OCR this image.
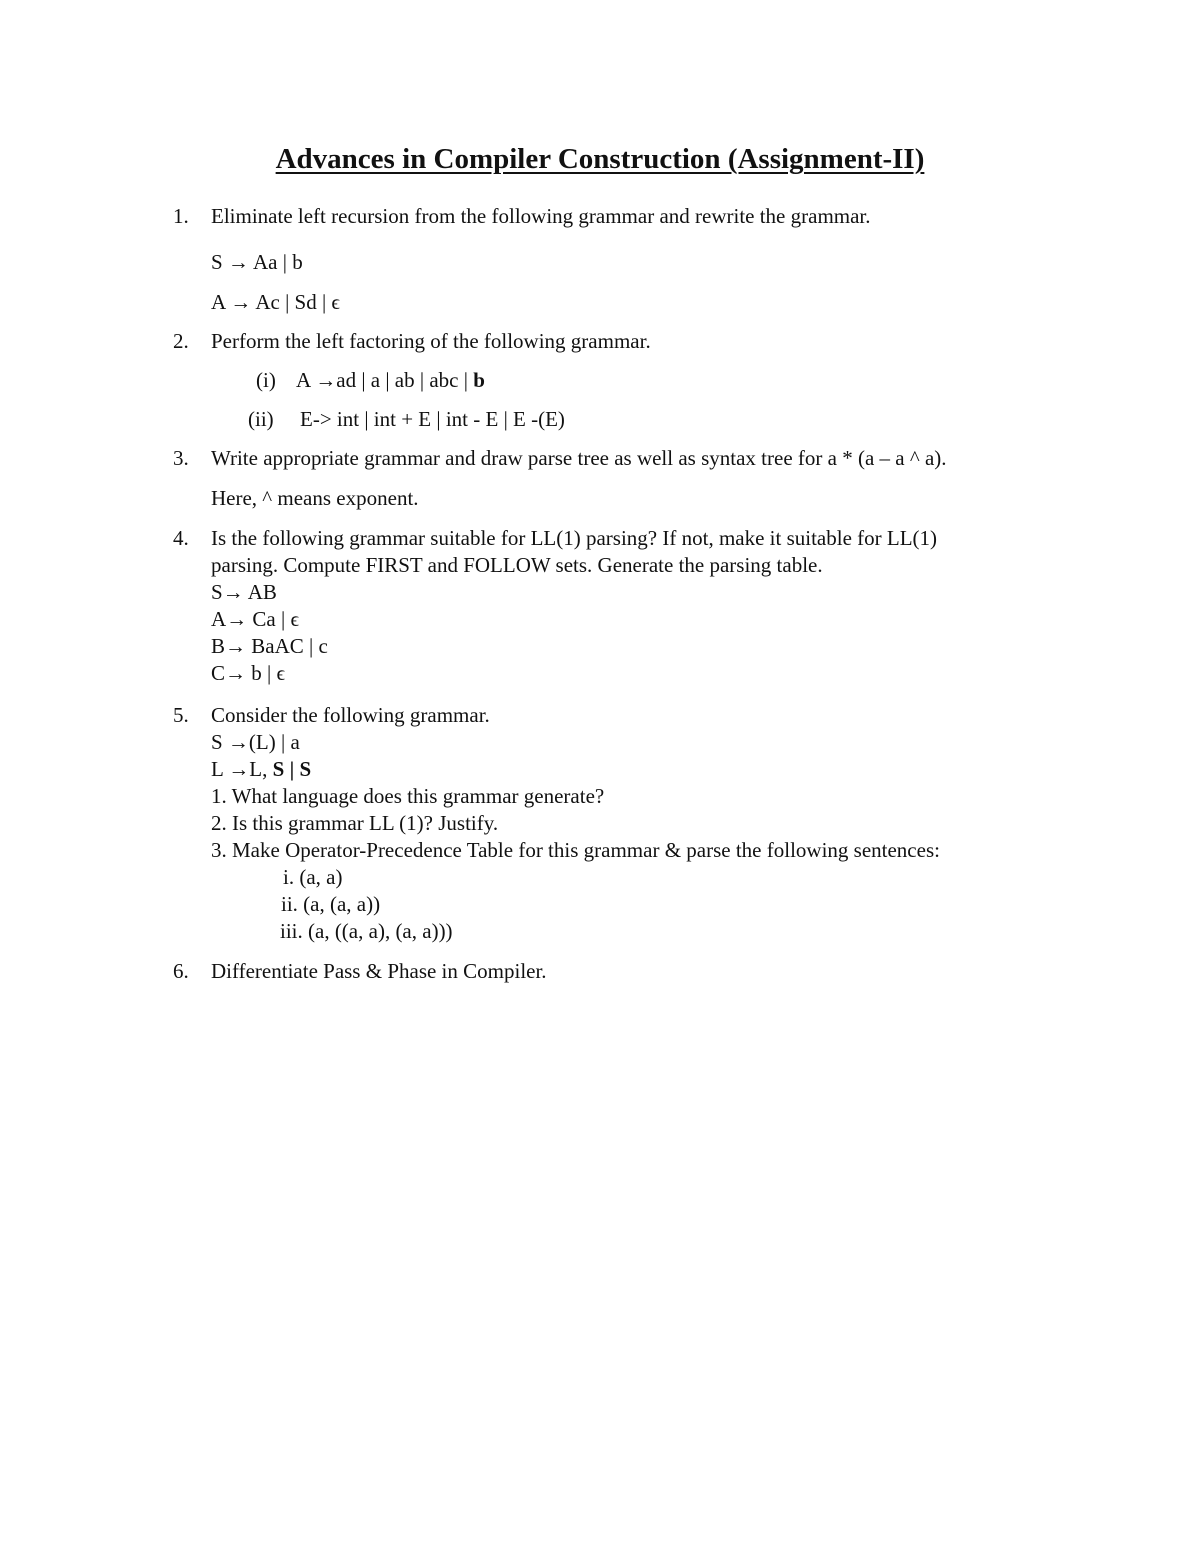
Advances in Compiler Construction (Assignment-II)
1. Eliminate left recursion from the following grammar and rewrite the grammar.
S → Aa | b
A → Ac | Sd | ϵ
2. Perform the left factoring of the following grammar.
(i) A →ad | a | ab | abc | b
(ii) E-> int | int + E | int - E | E -(E)
3. Write appropriate grammar and draw parse tree as well as syntax tree for a * (a – a ^ a).
Here, ^ means exponent.
4. Is the following grammar suitable for LL(1) parsing? If not, make it suitable for LL(1)
parsing. Compute FIRST and FOLLOW sets. Generate the parsing table.
S→ AB
A→ Ca | ϵ
B→ BaAC | c
C→ b | ϵ
5. Consider the following grammar.
S →(L) | a
L →L, S | S
1. What language does this grammar generate?
2. Is this grammar LL (1)? Justify.
3. Make Operator-Precedence Table for this grammar & parse the following sentences:
i. (a, a)
ii. (a, (a, a))
iii. (a, ((a, a), (a, a)))
6. Differentiate Pass & Phase in Compiler.
